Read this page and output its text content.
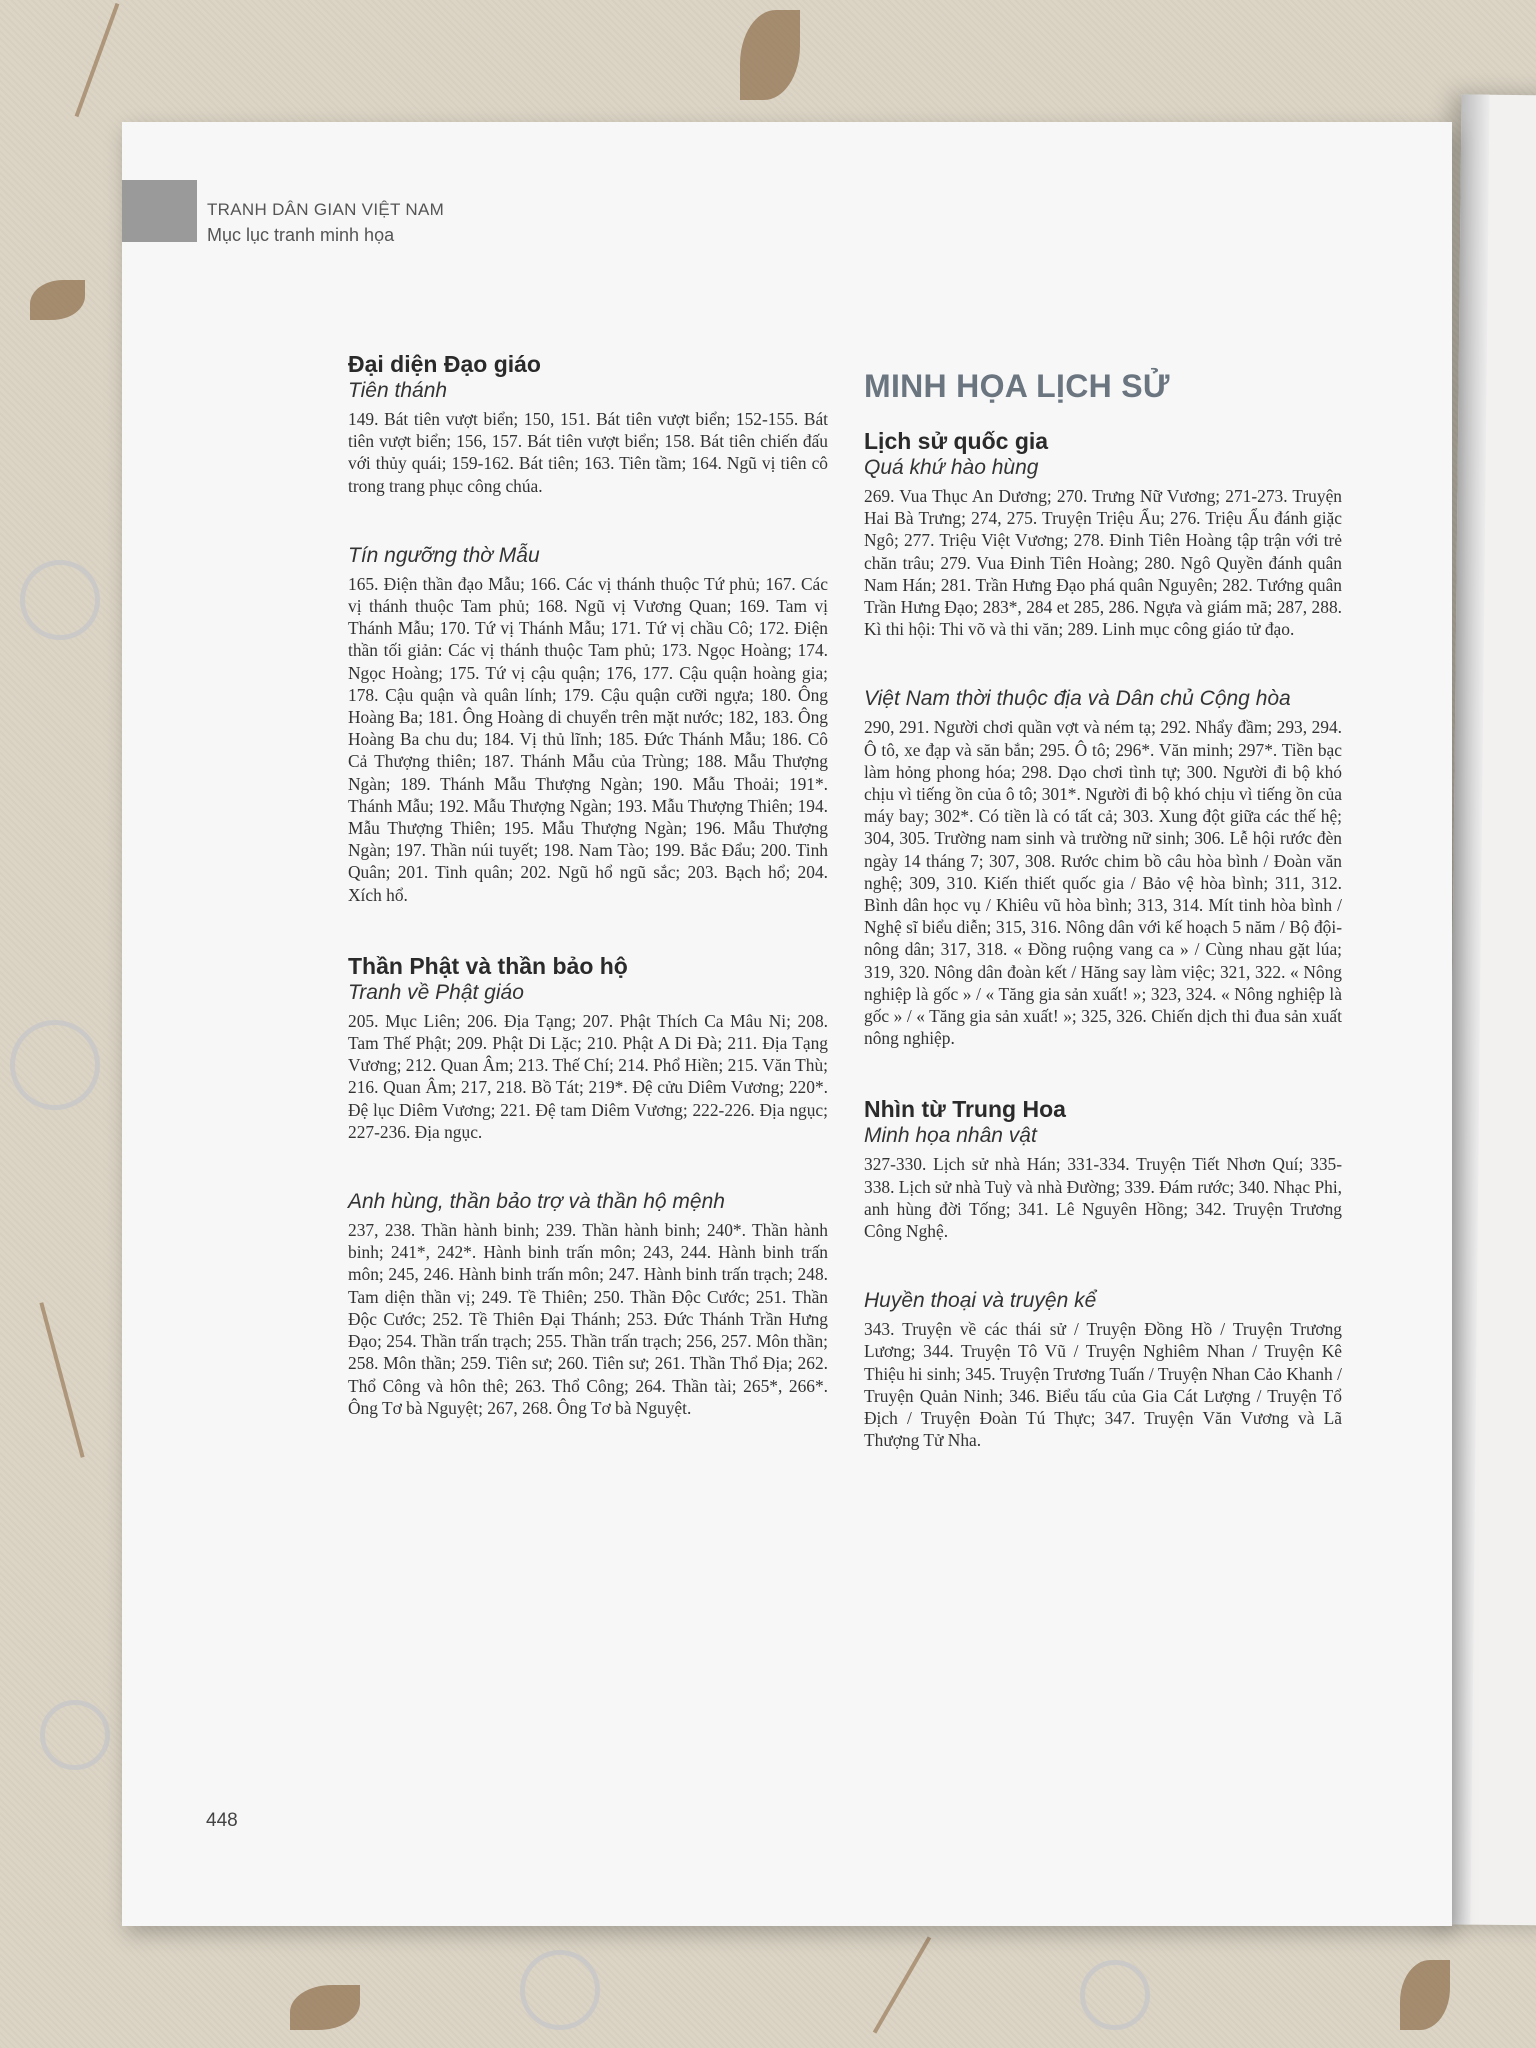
TRANH DÂN GIAN VIỆT NAM
Mục lục tranh minh họa

Đại diện Đạo giáo

Tiên thánh

149. Bát tiên vượt biển; 150, 151. Bát tiên vượt biển; 152-155. Bát tiên vượt biển; 156, 157. Bát tiên vượt biển; 158. Bát tiên chiến đấu với thủy quái; 159-162. Bát tiên; 163. Tiên tầm; 164. Ngũ vị tiên cô trong trang phục công chúa.

Tín ngưỡng thờ Mẫu

165. Điện thần đạo Mẫu; 166. Các vị thánh thuộc Tứ phủ; 167. Các vị thánh thuộc Tam phủ; 168. Ngũ vị Vương Quan; 169. Tam vị Thánh Mẫu; 170. Tứ vị Thánh Mẫu; 171. Tứ vị chầu Cô; 172. Điện thần tối giản: Các vị thánh thuộc Tam phủ; 173. Ngọc Hoàng; 174. Ngọc Hoàng; 175. Tứ vị cậu quận; 176, 177. Cậu quận hoàng gia; 178. Cậu quận và quân lính; 179. Cậu quận cưỡi ngựa; 180. Ông Hoàng Ba; 181. Ông Hoàng di chuyển trên mặt nước; 182, 183. Ông Hoàng Ba chu du; 184. Vị thủ lĩnh; 185. Đức Thánh Mẫu; 186. Cô Cả Thượng thiên; 187. Thánh Mẫu của Trùng; 188. Mẫu Thượng Ngàn; 189. Thánh Mẫu Thượng Ngàn; 190. Mẫu Thoải; 191*. Thánh Mẫu; 192. Mẫu Thượng Ngàn; 193. Mẫu Thượng Thiên; 194. Mẫu Thượng Thiên; 195. Mẫu Thượng Ngàn; 196. Mẫu Thượng Ngàn; 197. Thần núi tuyết; 198. Nam Tào; 199. Bắc Đẩu; 200. Tinh Quân; 201. Tinh quân; 202. Ngũ hổ ngũ sắc; 203. Bạch hổ; 204. Xích hổ.

Thần Phật và thần bảo hộ

Tranh về Phật giáo

205. Mục Liên; 206. Địa Tạng; 207. Phật Thích Ca Mâu Ni; 208. Tam Thế Phật; 209. Phật Di Lặc; 210. Phật A Di Đà; 211. Địa Tạng Vương; 212. Quan Âm; 213. Thế Chí; 214. Phổ Hiền; 215. Văn Thù; 216. Quan Âm; 217, 218. Bồ Tát; 219*. Đệ cửu Diêm Vương; 220*. Đệ lục Diêm Vương; 221. Đệ tam Diêm Vương; 222-226. Địa ngục; 227-236. Địa ngục.

Anh hùng, thần bảo trợ và thần hộ mệnh

237, 238. Thần hành binh; 239. Thần hành binh; 240*. Thần hành binh; 241*, 242*. Hành binh trấn môn; 243, 244. Hành binh trấn môn; 245, 246. Hành binh trấn môn; 247. Hành binh trấn trạch; 248. Tam diện thần vị; 249. Tề Thiên; 250. Thần Độc Cước; 251. Thần Độc Cước; 252. Tề Thiên Đại Thánh; 253. Đức Thánh Trần Hưng Đạo; 254. Thần trấn trạch; 255. Thần trấn trạch; 256, 257. Môn thần; 258. Môn thần; 259. Tiên sư; 260. Tiên sư; 261. Thần Thổ Địa; 262. Thổ Công và hôn thê; 263. Thổ Công; 264. Thần tài; 265*, 266*. Ông Tơ bà Nguyệt; 267, 268. Ông Tơ bà Nguyệt.

MINH HỌA LỊCH SỬ

Lịch sử quốc gia

Quá khứ hào hùng

269. Vua Thục An Dương; 270. Trưng Nữ Vương; 271-273. Truyện Hai Bà Trưng; 274, 275. Truyện Triệu Ẩu; 276. Triệu Ẩu đánh giặc Ngô; 277. Triệu Việt Vương; 278. Đinh Tiên Hoàng tập trận với trẻ chăn trâu; 279. Vua Đinh Tiên Hoàng; 280. Ngô Quyền đánh quân Nam Hán; 281. Trần Hưng Đạo phá quân Nguyên; 282. Tướng quân Trần Hưng Đạo; 283*, 284 et 285, 286. Ngựa và giám mã; 287, 288. Kì thi hội: Thi võ và thi văn; 289. Linh mục công giáo tử đạo.

Việt Nam thời thuộc địa và Dân chủ Cộng hòa

290, 291. Người chơi quần vợt và ném tạ; 292. Nhẩy đầm; 293, 294. Ô tô, xe đạp và săn bắn; 295. Ô tô; 296*. Văn minh; 297*. Tiền bạc làm hỏng phong hóa; 298. Dạo chơi tình tự; 300. Người đi bộ khó chịu vì tiếng ồn của ô tô; 301*. Người đi bộ khó chịu vì tiếng ồn của máy bay; 302*. Có tiền là có tất cả; 303. Xung đột giữa các thế hệ; 304, 305. Trường nam sinh và trường nữ sinh; 306. Lễ hội rước đèn ngày 14 tháng 7; 307, 308. Rước chim bồ câu hòa bình / Đoàn văn nghệ; 309, 310. Kiến thiết quốc gia / Bảo vệ hòa bình; 311, 312. Bình dân học vụ / Khiêu vũ hòa bình; 313, 314. Mít tinh hòa bình / Nghệ sĩ biểu diễn; 315, 316. Nông dân với kế hoạch 5 năm / Bộ đội-nông dân; 317, 318. « Đồng ruộng vang ca » / Cùng nhau gặt lúa; 319, 320. Nông dân đoàn kết / Hăng say làm việc; 321, 322. « Nông nghiệp là gốc » / « Tăng gia sản xuất! »; 323, 324. « Nông nghiệp là gốc » / « Tăng gia sản xuất! »; 325, 326. Chiến dịch thi đua sản xuất nông nghiệp.

Nhìn từ Trung Hoa

Minh họa nhân vật

327-330. Lịch sử nhà Hán; 331-334. Truyện Tiết Nhơn Quí; 335-338. Lịch sử nhà Tuỳ và nhà Đường; 339. Đám rước; 340. Nhạc Phi, anh hùng đời Tống; 341. Lê Nguyên Hồng; 342. Truyện Trương Công Nghệ.

Huyền thoại và truyện kể

343. Truyện về các thái sử / Truyện Đồng Hồ / Truyện Trương Lương; 344. Truyện Tô Vũ / Truyện Nghiêm Nhan / Truyện Kê Thiệu hi sinh; 345. Truyện Trương Tuấn / Truyện Nhan Cảo Khanh / Truyện Quản Ninh; 346. Biểu tấu của Gia Cát Lượng / Truyện Tổ Địch / Truyện Đoàn Tú Thực; 347. Truyện Văn Vương và Lã Thượng Tử Nha.

448
